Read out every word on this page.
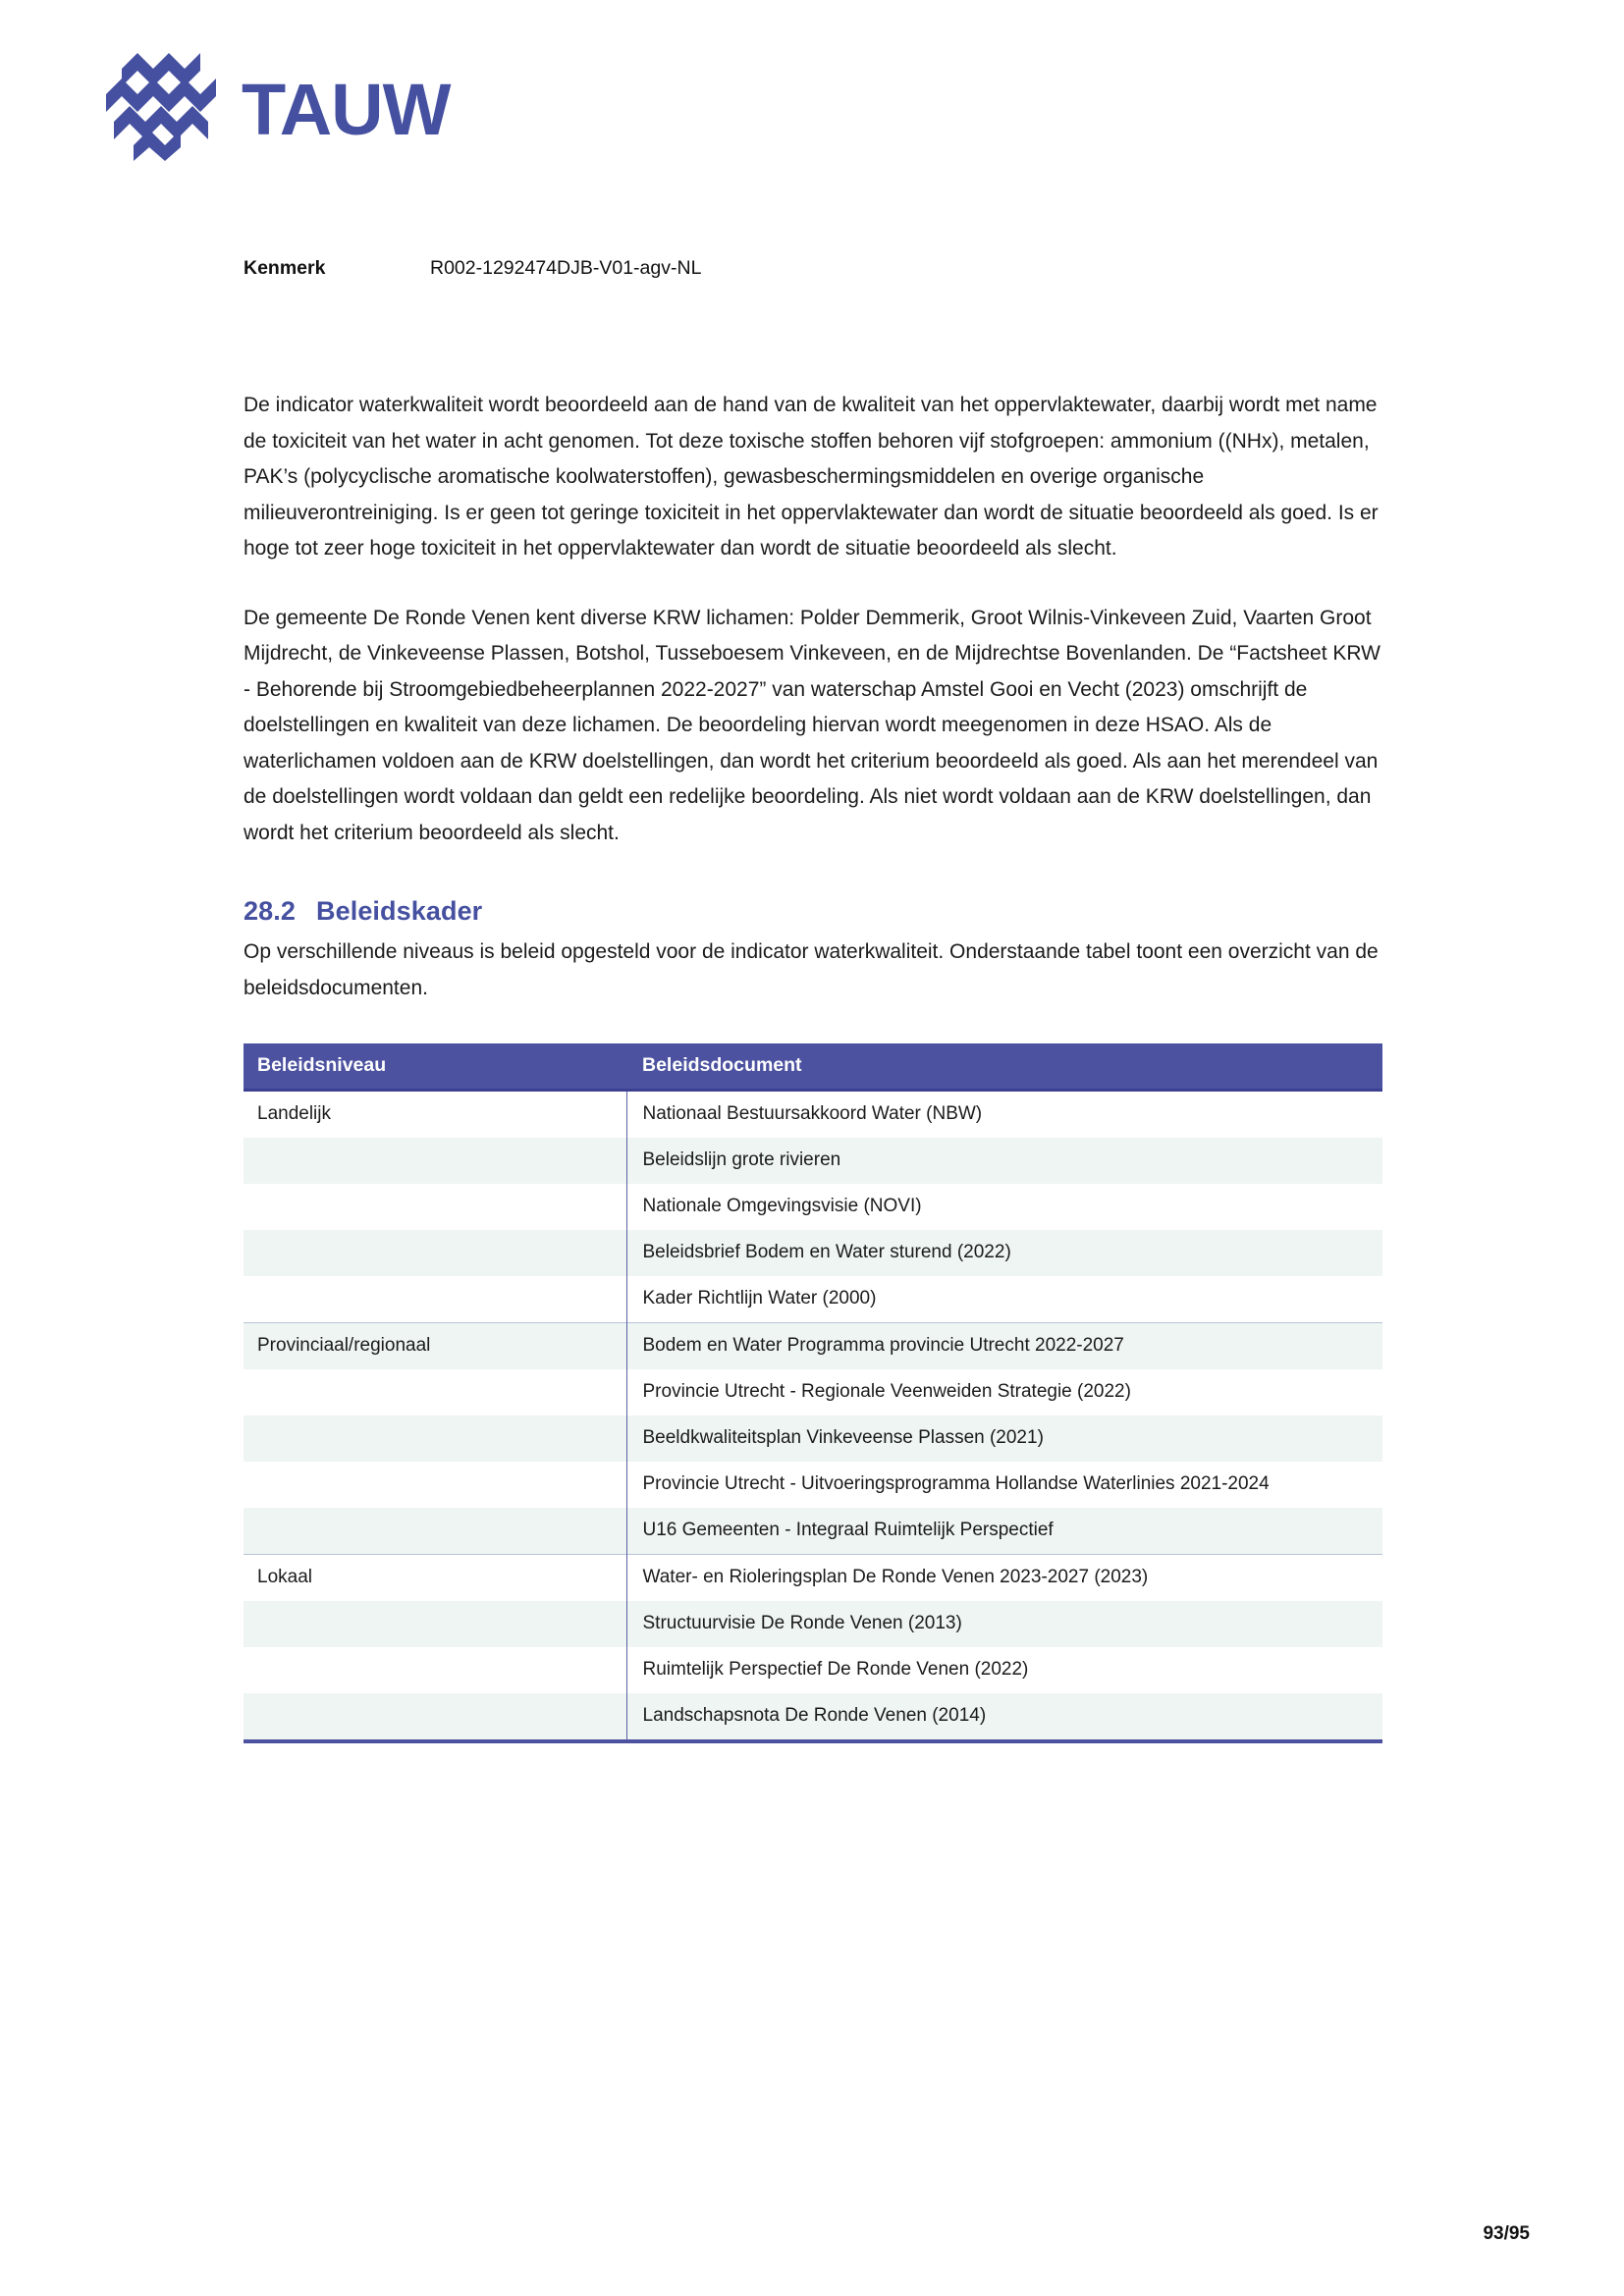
TAUW
Kenmerk	R002-1292474DJB-V01-agv-NL

De indicator waterkwaliteit wordt beoordeeld aan de hand van de kwaliteit van het oppervlaktewater, daarbij wordt met name de toxiciteit van het water in acht genomen. Tot deze toxische stoffen behoren vijf stofgroepen: ammonium ((NHx), metalen, PAK’s (polycyclische aromatische koolwaterstoffen), gewasbeschermingsmiddelen en overige organische milieuverontreiniging. Is er geen tot geringe toxiciteit in het oppervlaktewater dan wordt de situatie beoordeeld als goed. Is er hoge tot zeer hoge toxiciteit in het oppervlaktewater dan wordt de situatie beoordeeld als slecht.

De gemeente De Ronde Venen kent diverse KRW lichamen: Polder Demmerik, Groot Wilnis-Vinkeveen Zuid, Vaarten Groot Mijdrecht, de Vinkeveense Plassen, Botshol, Tusseboesem Vinkeveen, en de Mijdrechtse Bovenlanden. De “Factsheet KRW - Behorende bij Stroomgebiedbeheerplannen 2022-2027” van waterschap Amstel Gooi en Vecht (2023) omschrijft de doelstellingen en kwaliteit van deze lichamen. De beoordeling hiervan wordt meegenomen in deze HSAO. Als de waterlichamen voldoen aan de KRW doelstellingen, dan wordt het criterium beoordeeld als goed. Als aan het merendeel van de doelstellingen wordt voldaan dan geldt een redelijke beoordeling. Als niet wordt voldaan aan de KRW doelstellingen, dan wordt het criterium beoordeeld als slecht.

28.2 Beleidskader

Op verschillende niveaus is beleid opgesteld voor de indicator waterkwaliteit. Onderstaande tabel toont een overzicht van de beleidsdocumenten.

Beleidsniveau	Beleidsdocument
Landelijk	Nationaal Bestuursakkoord Water (NBW)
	Beleidslijn grote rivieren
	Nationale Omgevingsvisie (NOVI)
	Beleidsbrief Bodem en Water sturend (2022)
	Kader Richtlijn Water (2000)
Provinciaal/regionaal	Bodem en Water Programma provincie Utrecht 2022-2027
	Provincie Utrecht - Regionale Veenweiden Strategie (2022)
	Beeldkwaliteitsplan Vinkeveense Plassen (2021)
	Provincie Utrecht - Uitvoeringsprogramma Hollandse Waterlinies 2021-2024
	U16 Gemeenten - Integraal Ruimtelijk Perspectief
Lokaal	Water- en Rioleringsplan De Ronde Venen 2023-2027 (2023)
	Structuurvisie De Ronde Venen (2013)
	Ruimtelijk Perspectief De Ronde Venen (2022)
	Landschapsnota De Ronde Venen (2014)
93/95
